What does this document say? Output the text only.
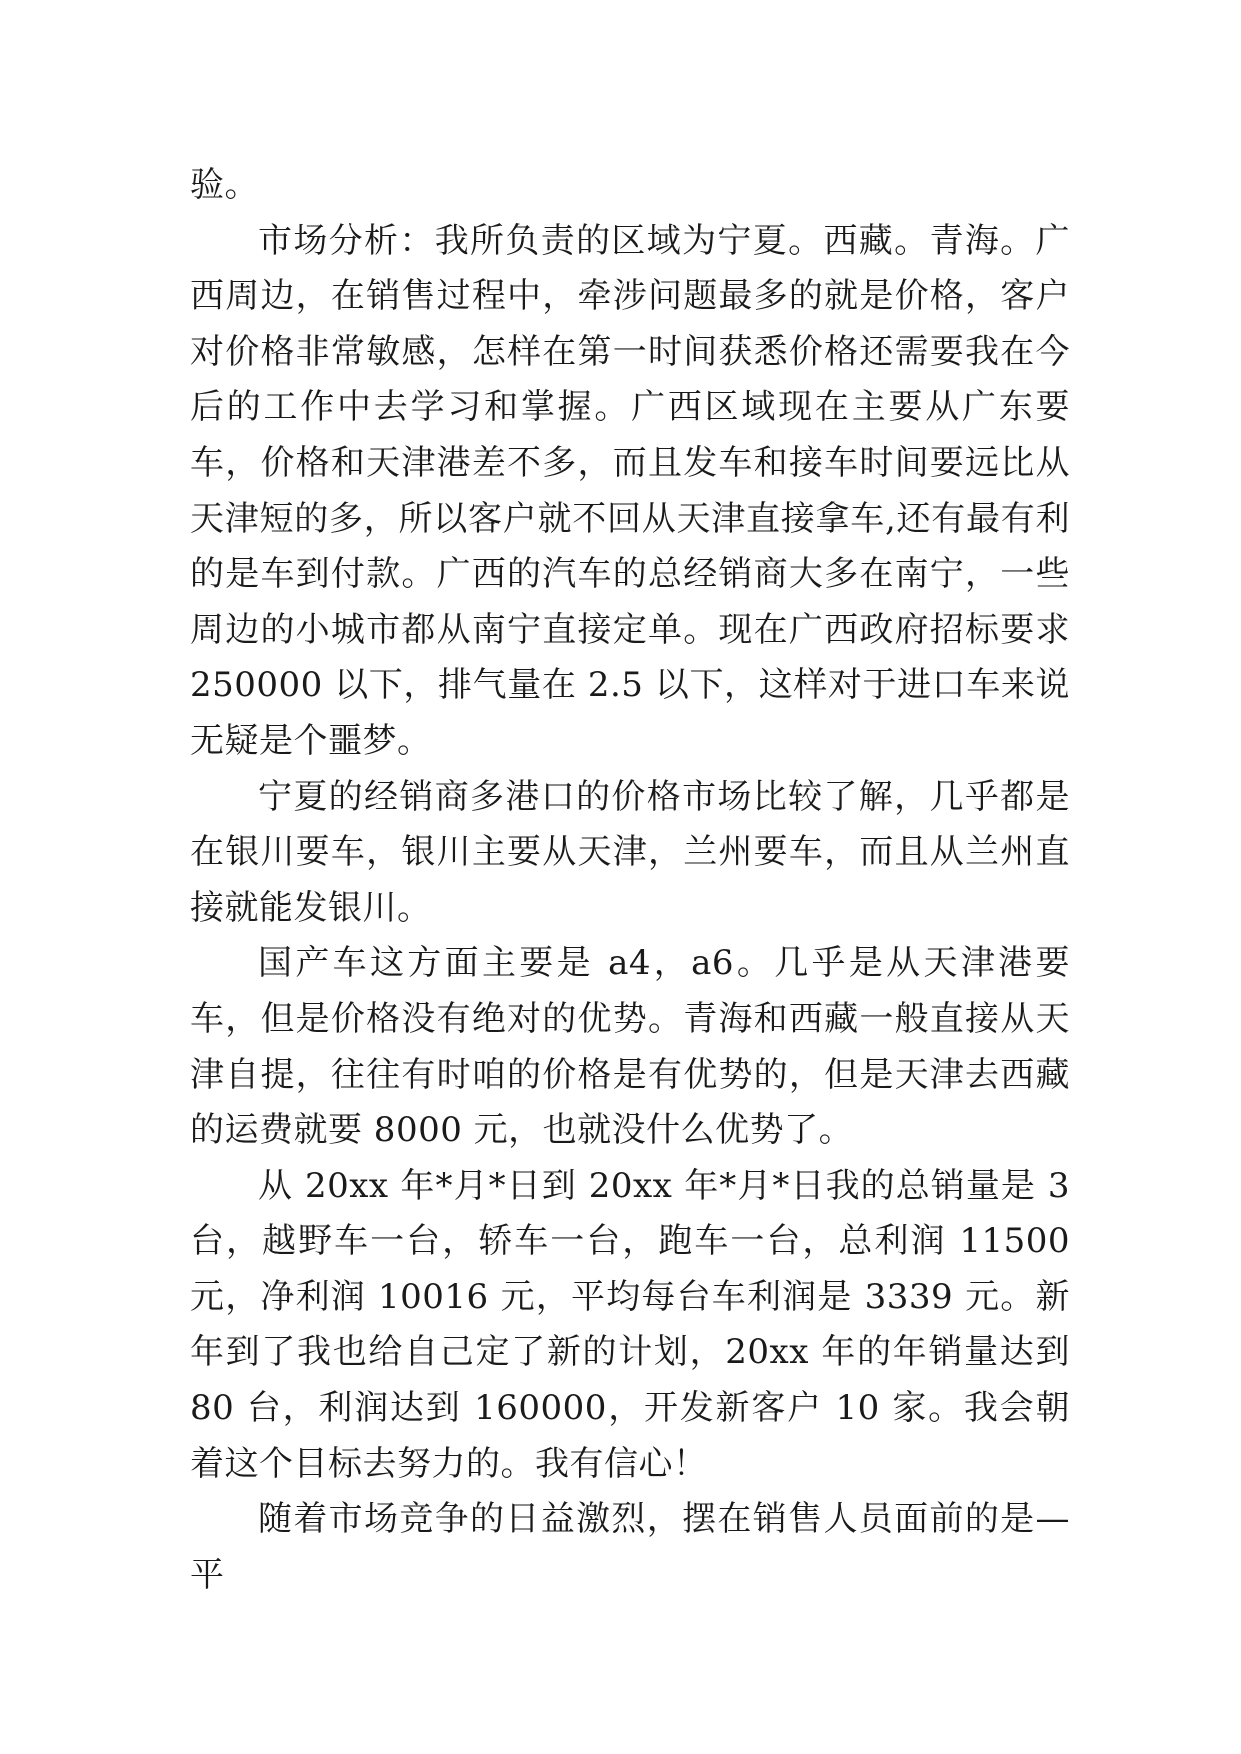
验。

市场分析：我所负责的区域为宁夏。西藏。青海。广西周边，在销售过程中，牵涉问题最多的就是价格，客户对价格非常敏感，怎样在第一时间获悉价格还需要我在今后的工作中去学习和掌握。广西区域现在主要从广东要车，价格和天津港差不多，而且发车和接车时间要远比从天津短的多，所以客户就不回从天津直接拿车,还有最有利的是车到付款。广西的汽车的总经销商大多在南宁，一些周边的小城市都从南宁直接定单。现在广西政府招标要求 250000 以下，排气量在 2.5 以下，这样对于进口车来说无疑是个噩梦。

宁夏的经销商多港口的价格市场比较了解，几乎都是在银川要车，银川主要从天津，兰州要车，而且从兰州直接就能发银川。

国产车这方面主要是 a4，a6。几乎是从天津港要车，但是价格没有绝对的优势。青海和西藏一般直接从天津自提，往往有时咱的价格是有优势的，但是天津去西藏的运费就要 8000 元，也就没什么优势了。

从 20xx 年*月*日到 20xx 年*月*日我的总销量是 3 台，越野车一台，轿车一台，跑车一台，总利润 11500 元，净利润 10016 元，平均每台车利润是 3339 元。新年到了我也给自己定了新的计划，20xx 年的年销量达到 80 台，利润达到 160000，开发新客户 10 家。我会朝着这个目标去努力的。我有信心！

随着市场竞争的日益激烈，摆在销售人员面前的是—平
